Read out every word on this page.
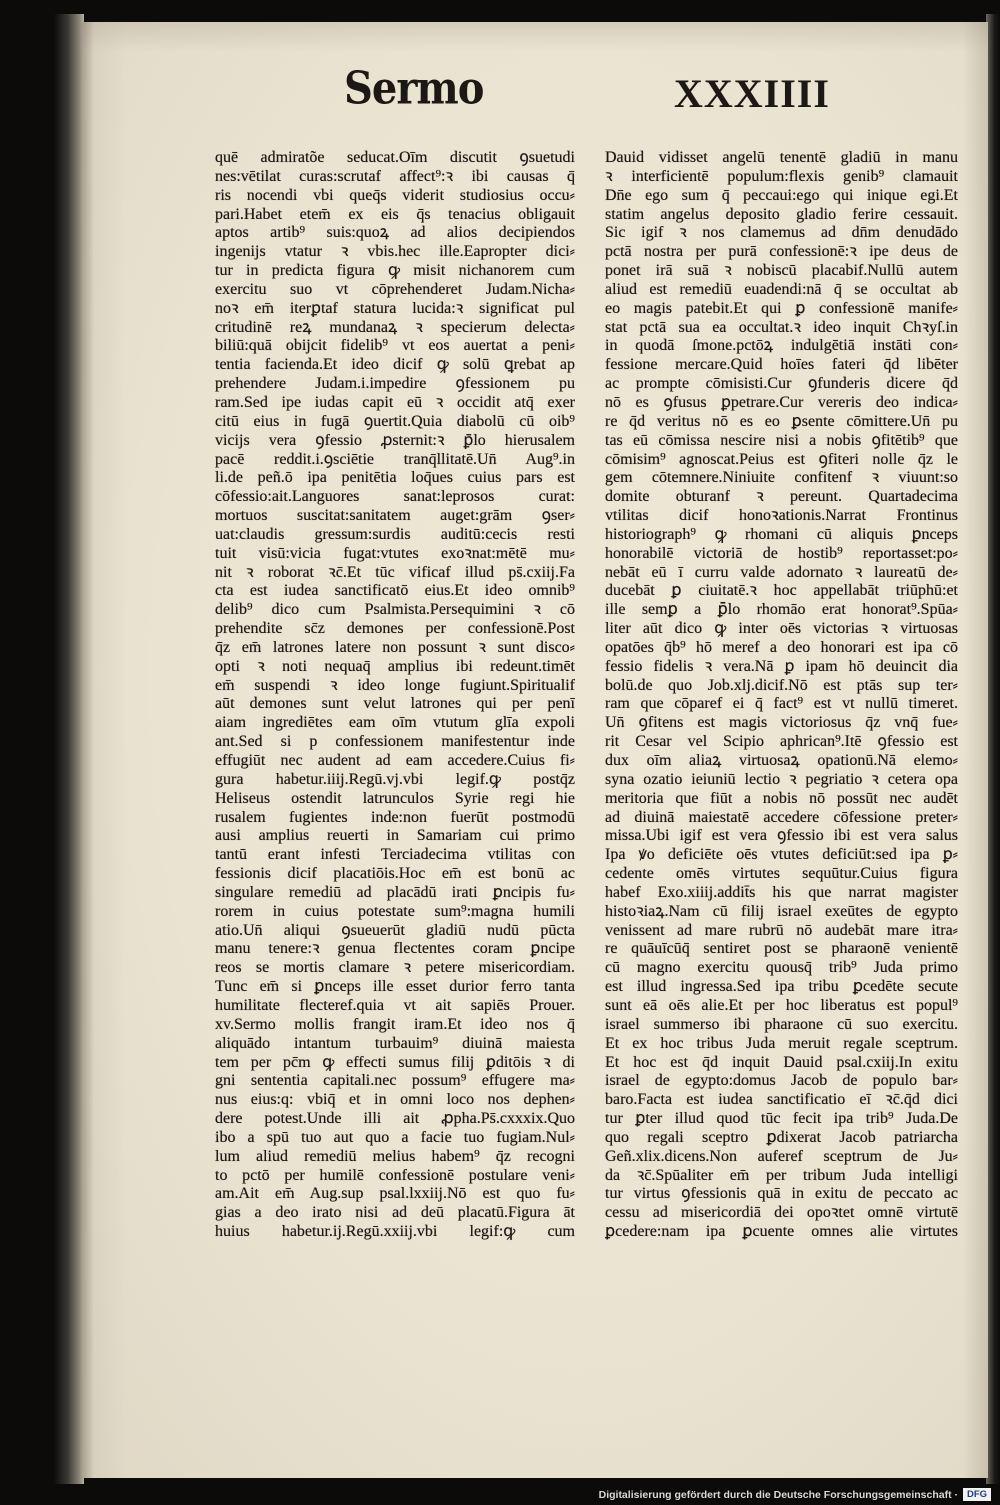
Sermo	XXXIIII
quē admiratõe seducat.Oīm discutit ꝯsuetudi
nes:vētilat curas:scrutaf affect⁹:ꝛ ibi causas q̄
ris nocendi vbi queq̄s viderit studiosius occu⸗
pari.Habet etem̄ ex eis q̄s tenacius obligauit
aptos artib⁹ suis:quoꝝ ad alios decipiendos
ingenijs vtatur ꝛ vbis.hec ille.Eapropter dici⸗
tur in predicta figura ꝙ misit nichanorem cum
exercitu suo vt cōprehenderet Judam.Nicha⸗
noꝛ em̄ iterꝑtaf statura lucida:ꝛ significat pul
critudinē reꝝ mundanaꝝ ꝛ specierum delecta⸗
biliū:quā obijcit fidelib⁹ vt eos auertat a peni⸗
tentia facienda.Et ideo dicif ꝙ solū ꝗrebat ap
prehendere Judam.i.impedire ꝯfessionem pu
ram.Sed ipe iudas capit eū ꝛ occidit atq̄ exer
citū eius in fugā ꝯuertit.Quia diabolū cū oib⁹
vicijs vera ꝯfessio ꝓsternit:ꝛ ꝑ̄lo hierusalem
pacē reddit.i.ꝯsciētie tranq̄llitatē.Un̄ Aug⁹.in
li.de peñ.ō ipa penitētia loq̄ues cuius pars est
cōfessio:ait.Languores sanat:leprosos curat:
mortuos suscitat:sanitatem auget:grām ꝯser⸗
uat:claudis gressum:surdis auditū:cecis resti
tuit visū:vicia fugat:vtutes exoꝛnat:mētē mu⸗
nit ꝛ roborat ꝛc̄.Et tūc vificaf illud ps̄.cxiij.Fa
cta est iudea sanctificatō eius.Et ideo omnib⁹
delib⁹ dico cum Psalmista.Persequimini ꝛ cō
prehendite sc̄z demones per confessionē.Post
q̄z em̄ latrones latere non possunt ꝛ sunt disco⸗
opti ꝛ noti nequaq̄ amplius ibi redeunt.timēt
em̄ suspendi ꝛ ideo longe fugiunt.Spiritualif
aūt demones sunt velut latrones qui per penī
aiam ingrediētes eam oīm vtutum glīa expoli
ant.Sed si p confessionem manifestentur inde
effugiūt nec audent ad eam accedere.Cuius fi⸗
gura habetur.iiij.Regū.vj.vbi legif.ꝙ postq̄z
Heliseus ostendit latrunculos Syrie regi hie
rusalem fugientes inde:non fuerūt postmodū
ausi amplius reuerti in Samariam cui primo
tantū erant infesti Terciadecima vtilitas con
fessionis dicif placatiōis.Hoc em̄ est bonū ac
singulare remediū ad placādū irati ꝑncipis fu⸗
rorem in cuius potestate sum⁹:magna humili
atio.Un̄ aliqui ꝯsueuerūt gladiū nudū pūcta
manu tenere:ꝛ genua flectentes coram ꝑncipe
reos se mortis clamare ꝛ petere misericordiam.
Tunc em̄ si ꝑnceps ille esset durior ferro tanta
humilitate flecteref.quia vt ait sapiēs Prouer.
xv.Sermo mollis frangit iram.Et ideo nos q̄
aliquādo intantum turbauim⁹ diuinā maiesta
tem per pc̄m ꝙ effecti sumus filij ꝑditōis ꝛ di
gni sententia capitali.nec possum⁹ effugere ma⸗
nus eius:q: vbiq̄ et in omni loco nos dephen⸗
dere potest.Unde illi ait ꝓpha.Ps̄.cxxxix.Quo
ibo a spū tuo aut quo a facie tuo fugiam.Nul⸗
lum aliud remediū melius habem⁹ q̄z recogni
to pctō per humilē confessionē postulare veni⸗
am.Ait em̄ Aug.sup psal.lxxiij.Nō est quo fu⸗
gias a deo irato nisi ad deū placatū.Figura āt
huius habetur.ij.Regū.xxiij.vbi legif:ꝙ cum
Dauid vidisset angelū tenentē gladiū in manu
ꝛ interficientē populum:flexis genib⁹ clamauit
Dn̄e ego sum q̄ peccaui:ego qui inique egi.Et
statim angelus deposito gladio ferire cessauit.
Sic igif ꝛ nos clamemus ad dn̄m denudādo
pctā nostra per purā confessionē:ꝛ ipe deus de
ponet irā suā ꝛ nobiscū placabif.Nullū autem
aliud est remediū euadendi:nā q̄ se occultat ab
eo magis patebit.Et qui ꝑ confessionē manife⸗
stat pctā sua ea occultat.ꝛ ideo inquit Chꝛyſ.in
in quodā ſmone.pctōꝝ indulgētiā instāti con⸗
fessione mercare.Quid hoīes fateri q̄d libēter
ac prompte cōmisisti.Cur ꝯfunderis dicere q̄d
nō es ꝯfusus ꝑpetrare.Cur vereris deo indica⸗
re q̄d veritus nō es eo ꝑsente cōmittere.Un̄ pu
tas eū cōmissa nescire nisi a nobis ꝯfitētib⁹ que
cōmisim⁹ agnoscat.Peius est ꝯfiteri nolle q̄z le
gem cōtemnere.Niniuite confitenf ꝛ viuunt:so
domite obturanf ꝛ pereunt. Quartadecima
vtilitas dicif honoꝛationis.Narrat Frontinus
historiograph⁹ ꝙ rhomani cū aliquis ꝑnceps
honorabilē victoriā de hostib⁹ reportasset:po⸗
nebāt eū ī curru valde adornato ꝛ laureatū de⸗
ducebāt ꝑ ciuitatē.ꝛ hoc appellabāt triūphū:et
ille semꝑ a ꝑ̄lo rhomāo erat honorat⁹.Spūa⸗
liter aūt dico ꝙ inter oēs victorias ꝛ virtuosas
opatōes q̄b⁹ hō meref a deo honorari est ipa cō
fessio fidelis ꝛ vera.Nā ꝑ ipam hō deuincit dia
bolū.de quo Job.xlj.dicif.Nō est ptās sup ter⸗
ram que cōparef ei q̄ fact⁹ est vt nullū timeret.
Un̄ ꝯfitens est magis victoriosus q̄z vnq̄ fue⸗
rit Cesar vel Scipio aphrican⁹.Itē ꝯfessio est
dux oīm aliaꝝ virtuosaꝝ opationū.Nā elemo⸗
syna ozatio ieiuniū lectio ꝛ pegriatio ꝛ cetera opa
meritoria que fiūt a nobis nō possūt nec audēt
ad diuinā maiestatē accedere cōfessione preter⸗
missa.Ubi igif est vera ꝯfessio ibi est vera salus
Ipa ꝟo deficiēte oēs vtutes deficiūt:sed ipa ꝑ⸗
cedente omēs virtutes sequūtur.Cuius figura
habef Exo.xiiij.addit̄s his que narrat magister
histoꝛiaꝝ.Nam cū filij israel exeūtes de egypto
venissent ad mare rubrū nō audebāt mare itra⸗
re quāuīcūq̄ sentiret post se pharaonē venientē
cū magno exercitu quousq̄ trib⁹ Juda primo
est illud ingressa.Sed ipa tribu ꝑcedēte secute
sunt eā oēs alie.Et per hoc liberatus est popul⁹
israel summerso ibi pharaone cū suo exercitu.
Et ex hoc tribus Juda meruit regale sceptrum.
Et hoc est q̄d inquit Dauid psal.cxiij.In exitu
israel de egypto:domus Jacob de populo bar⸗
baro.Facta est iudea sanctificatio eī ꝛc̄.q̄d dici
tur ꝑter illud quod tūc fecit ipa trib⁹ Juda.De
quo regali sceptro ꝑdixerat Jacob patriarcha
Geñ.xlix.dicens.Non auferef sceptrum de Ju⸗
da ꝛc̄.Spūaliter em̄ per tribum Juda intelligi
tur virtus ꝯfessionis quā in exitu de peccato ac
cessu ad misericordiā dei opoꝛtet omnē virtutē
ꝑcedere:nam ipa ꝑcuente omnes alie virtutes
Digitalisierung gefördert durch die Deutsche Forschungsgemeinschaft · DFG
